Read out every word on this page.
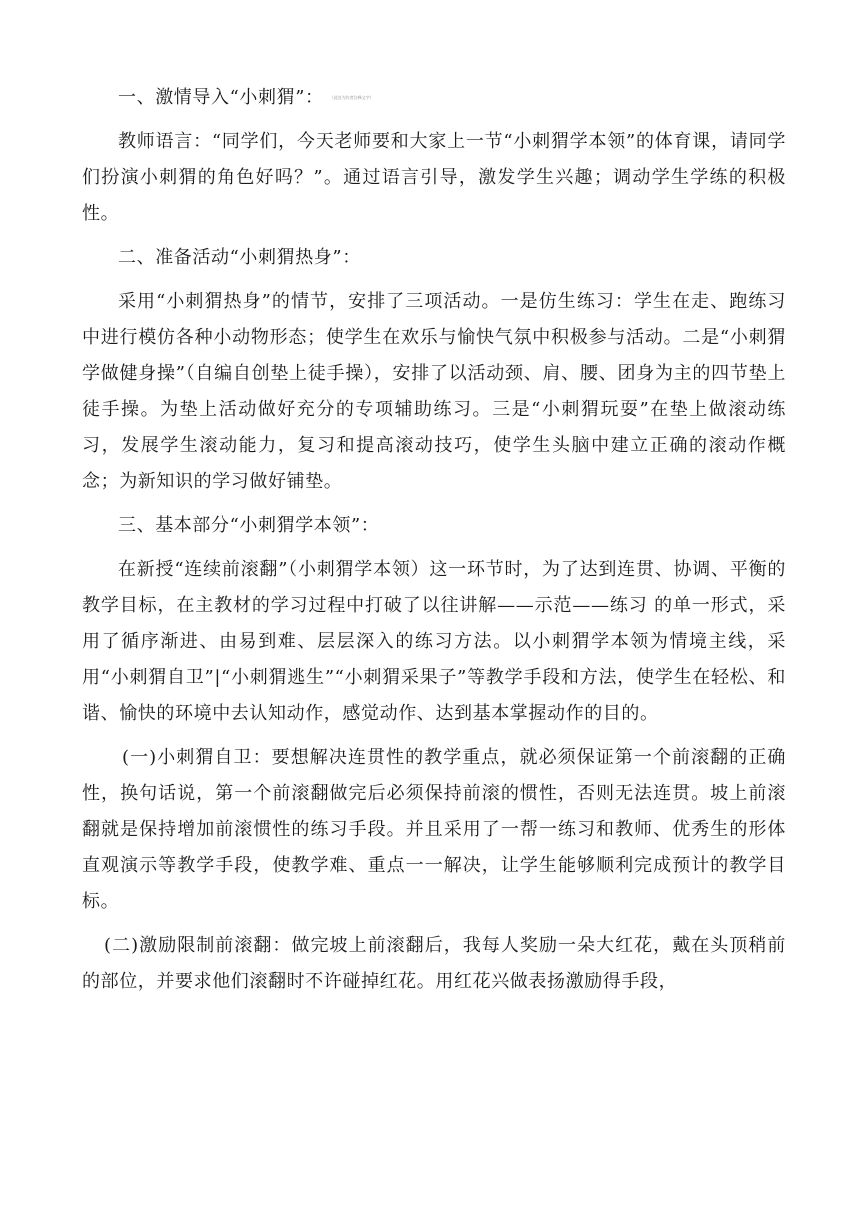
一、激情导入“小刺猬”： （此处为作者注释文字）

教师语言：“同学们，今天老师要和大家上一节“小刺猬学本领”的体育课，请同学们扮演小刺猬的角色好吗？”。通过语言引导，激发学生兴趣；调动学生学练的积极性。

二、准备活动“小刺猬热身”：

采用“小刺猬热身”的情节，安排了三项活动。一是仿生练习：学生在走、跑练习中进行模仿各种小动物形态；使学生在欢乐与愉快气氛中积极参与活动。二是“小刺猬学做健身操”（自编自创垫上徒手操），安排了以活动颈、肩、腰、团身为主的四节垫上徒手操。为垫上活动做好充分的专项辅助练习。三是“小刺猬玩耍”在垫上做滚动练习，发展学生滚动能力，复习和提高滚动技巧，使学生头脑中建立正确的滚动作概念；为新知识的学习做好铺垫。

三、基本部分“小刺猬学本领”：

在新授“连续前滚翻”（小刺猬学本领）这一环节时，为了达到连贯、协调、平衡的教学目标，在主教材的学习过程中打破了以往讲解——示范——练习 的单一形式，采用了循序渐进、由易到难、层层深入的练习方法。以小刺猬学本领为情境主线，采用“小刺猬自卫”|“小刺猬逃生”“小刺猬采果子”等教学手段和方法，使学生在轻松、和谐、愉快的环境中去认知动作，感觉动作、达到基本掌握动作的目的。

(一)小刺猬自卫：要想解决连贯性的教学重点，就必须保证第一个前滚翻的正确性，换句话说，第一个前滚翻做完后必须保持前滚的惯性，否则无法连贯。坡上前滚翻就是保持增加前滚惯性的练习手段。并且采用了一帮一练习和教师、优秀生的形体直观演示等教学手段，使教学难、重点一一解决，让学生能够顺利完成预计的教学目标。

(二)激励限制前滚翻：做完坡上前滚翻后，我每人奖励一朵大红花，戴在头顶稍前的部位，并要求他们滚翻时不许碰掉红花。用红花兴做表扬激励得手段，
